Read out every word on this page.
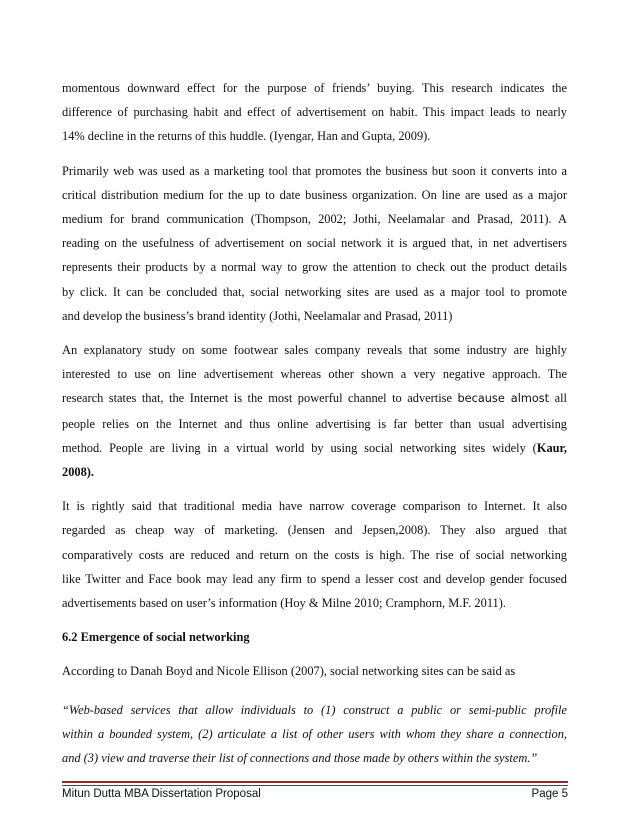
momentous downward effect for the purpose of friends’ buying. This research indicates the
difference of purchasing habit and effect of advertisement on habit. This impact leads to nearly
14% decline in the returns of this huddle. (Iyengar, Han and Gupta, 2009).

Primarily web was used as a marketing tool that promotes the business but soon it converts into a
critical distribution medium for the up to date business organization. On line are used as a major
medium for brand communication (Thompson, 2002; Jothi, Neelamalar and Prasad, 2011). A
reading on the usefulness of advertisement on social network it is argued that, in net advertisers
represents their products by a normal way to grow the attention to check out the product details
by click. It can be concluded that, social networking sites are used as a major tool to promote
and develop the business’s brand identity (Jothi, Neelamalar and Prasad, 2011)

An explanatory study on some footwear sales company reveals that some industry are highly
interested to use on line advertisement whereas other shown a very negative approach. The
research states that, the Internet is the most powerful channel to advertise because almost all
people relies on the Internet and thus online advertising is far better than usual advertising
method. People are living in a virtual world by using social networking sites widely (Kaur,
2008).

It is rightly said that traditional media have narrow coverage comparison to Internet. It also
regarded as cheap way of marketing. (Jensen and Jepsen,2008). They also argued that
comparatively costs are reduced and return on the costs is high. The rise of social networking
like Twitter and Face book may lead any firm to spend a lesser cost and develop gender focused
advertisements based on user’s information (Hoy & Milne 2010; Cramphorn, M.F. 2011).

6.2 Emergence of social networking

According to Danah Boyd and Nicole Ellison (2007), social networking sites can be said as

“Web-based services that allow individuals to (1) construct a public or semi-public profile
within a bounded system, (2) articulate a list of other users with whom they share a connection,
and (3) view and traverse their list of connections and those made by others within the system.”

Mitun Dutta MBA Dissertation Proposal	Page 5
